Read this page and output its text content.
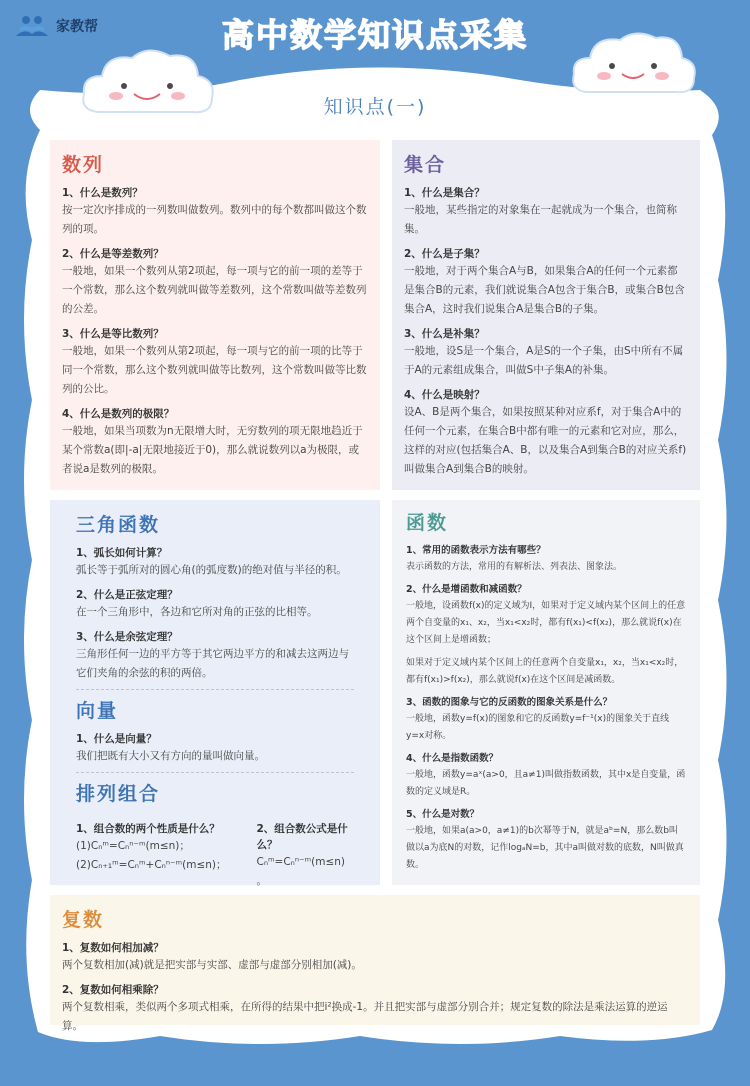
家教帮	高中数学知识点采集
知识点(一)
数列
1、什么是数列？
按一定次序排成的一列数叫做数列。数列中的每个数都叫做这个数列的项。
2、什么是等差数列？
一般地，如果一个数列从第2项起，每一项与它的前一项的差等于一个常数，那么这个数列就叫做等差数列，这个常数叫做等差数列的公差。
3、什么是等比数列？
一般地，如果一个数列从第2项起，每一项与它的前一项的比等于同一个常数，那么这个数列就叫做等比数列，这个常数叫做等比数列的公比。
4、什么是数列的极限？
一般地，如果当项数为n无限增大时，无穷数列的项无限地趋近于某个常数a(即|-a|无限地接近于0)，那么就说数列以a为极限，或者说a是数列的极限。
集合
1、什么是集合？
一般地，某些指定的对象集在一起就成为一个集合，也简称集。
2、什么是子集？
一般地，对于两个集合A与B，如果集合A的任何一个元素都是集合B的元素，我们就说集合A包含于集合B，或集合B包含集合A，这时我们说集合A是集合B的子集。
3、什么是补集？
一般地，设S是一个集合，A是S的一个子集，由S中所有不属于A的元素组成集合，叫做S中子集A的补集。
4、什么是映射？
设A、B是两个集合，如果按照某种对应系f，对于集合A中的任何一个元素，在集合B中都有唯一的元素和它对应，那么，这样的对应(包括集合A、B，以及集合A到集合B的对应关系f)叫做集合A到集合B的映射。
三角函数
1、弧长如何计算？
弧长等于弧所对的圆心角(的弧度数)的绝对值与半径的积。
2、什么是正弦定理？
在一个三角形中，各边和它所对角的正弦的比相等。
3、什么是余弦定理？
三角形任何一边的平方等于其它两边平方的和减去这两边与它们夹角的余弦的积的两倍。
向量
1、什么是向量？
我们把既有大小又有方向的量叫做向量。
排列组合
1、组合数的两个性质是什么？
(1)Cₙᵐ=Cₙⁿ⁻ᵐ(m≤n)；
(2)Cₙ₊₁ᵐ=Cₙᵐ+Cₙⁿ⁻ᵐ(m≤n)；
2、组合数公式是什么？
Cₙᵐ=Cₙⁿ⁻ᵐ(m≤n) 。
函数
1、常用的函数表示方法有哪些？
表示函数的方法，常用的有解析法、列表法、图象法。
2、什么是增函数和减函数？
一般地，设函数f(x)的定义域为I，如果对于定义域内某个区间上的任意两个自变量的x₁、x₂，当x₁<x₂时，都有f(x₁)<f(x₂)，那么就说f(x)在这个区间上是增函数；
如果对于定义域内某个区间上的任意两个自变量x₁，x₂，当x₁<x₂时，都有f(x₁)>f(x₂)，那么就说f(x)在这个区间是减函数。
3、函数的图象与它的反函数的图象关系是什么？
一般地，函数y=f(x)的图象和它的反函数y=f⁻¹(x)的图象关于直线y=x对称。
4、什么是指数函数？
一般地，函数y=aˣ(a>0，且a≠1)叫做指数函数，其中x是自变量，函数的定义域是R。
5、什么是对数？
一般地，如果a(a>0，a≠1)的b次幂等于N，就是aᵇ=N，那么数b叫做以a为底N的对数，记作logₐN=b，其中a叫做对数的底数，N叫做真数。
复数
1、复数如何相加减？
两个复数相加(减)就是把实部与实部、虚部与虚部分别相加(减)。
2、复数如何相乘除？
两个复数相乘，类似两个多项式相乘，在所得的结果中把i²换成-1。并且把实部与虚部分别合并；规定复数的除法是乘法运算的逆运算。
